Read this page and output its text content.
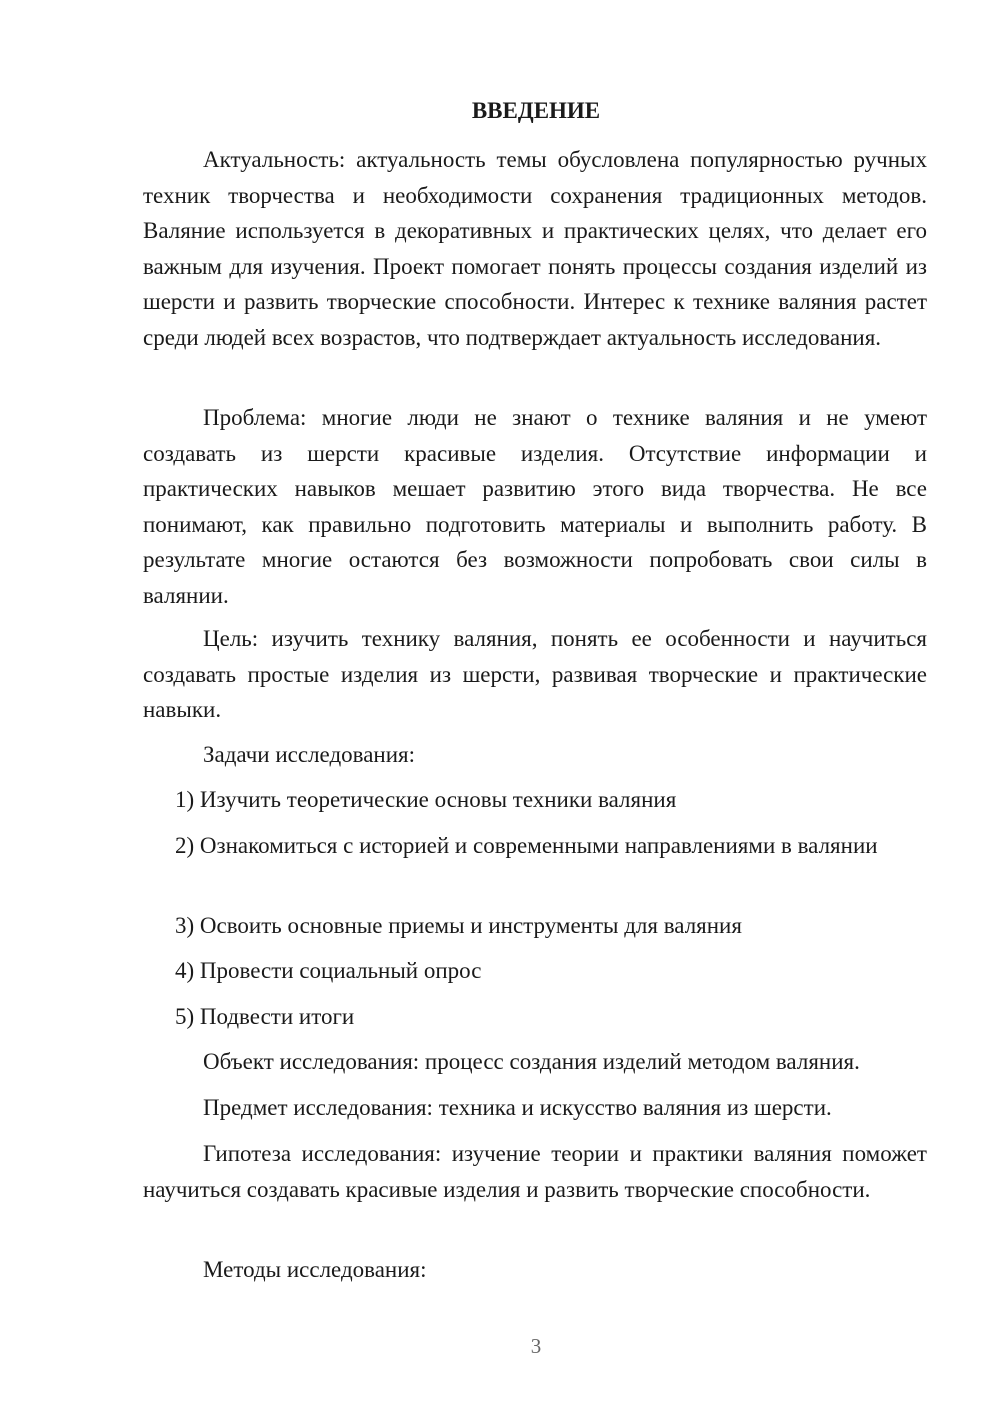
ВВЕДЕНИЕ

Актуальность: актуальность темы обусловлена популярностью ручных техник творчества и необходимости сохранения традиционных методов. Валяние используется в декоративных и практических целях, что делает его важным для изучения. Проект помогает понять процессы создания изделий из шерсти и развить творческие способности. Интерес к технике валяния растет среди людей всех возрастов, что подтверждает актуальность исследования.

Проблема: многие люди не знают о технике валяния и не умеют создавать из шерсти красивые изделия. Отсутствие информации и практических навыков мешает развитию этого вида творчества. Не все понимают, как правильно подготовить материалы и выполнить работу. В результате многие остаются без возможности попробовать свои силы в валянии.

Цель: изучить технику валяния, понять ее особенности и научиться создавать простые изделия из шерсти, развивая творческие и практические навыки.

Задачи исследования:

1) Изучить теоретические основы техники валяния

2) Ознакомиться с историей и современными направлениями в валянии

3) Освоить основные приемы и инструменты для валяния

4) Провести социальный опрос

5) Подвести итоги

Объект исследования: процесс создания изделий методом валяния.

Предмет исследования: техника и искусство валяния из шерсти.

Гипотеза исследования: изучение теории и практики валяния поможет научиться создавать красивые изделия и развить творческие способности.

Методы исследования:

3
